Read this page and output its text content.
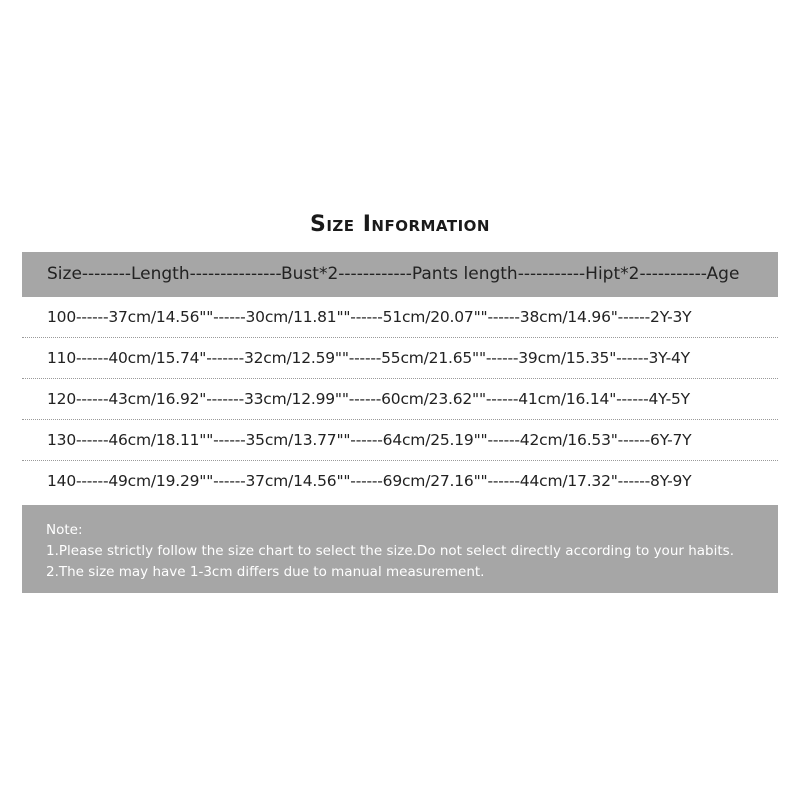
Size Information
Size--------Length---------------Bust*2------------Pants length-----------Hipt*2-----------Age
100------37cm/14.56""------30cm/11.81""------51cm/20.07""------38cm/14.96"------2Y-3Y
110------40cm/15.74"-------32cm/12.59""------55cm/21.65""------39cm/15.35"------3Y-4Y
120------43cm/16.92"-------33cm/12.99""------60cm/23.62""------41cm/16.14"------4Y-5Y
130------46cm/18.11""------35cm/13.77""------64cm/25.19""------42cm/16.53"------6Y-7Y
140------49cm/19.29""------37cm/14.56""------69cm/27.16""------44cm/17.32"------8Y-9Y
Note:
1.Please strictly follow the size chart to select the size.Do not select directly according to your habits.
2.The size may have 1-3cm differs due to manual measurement.
